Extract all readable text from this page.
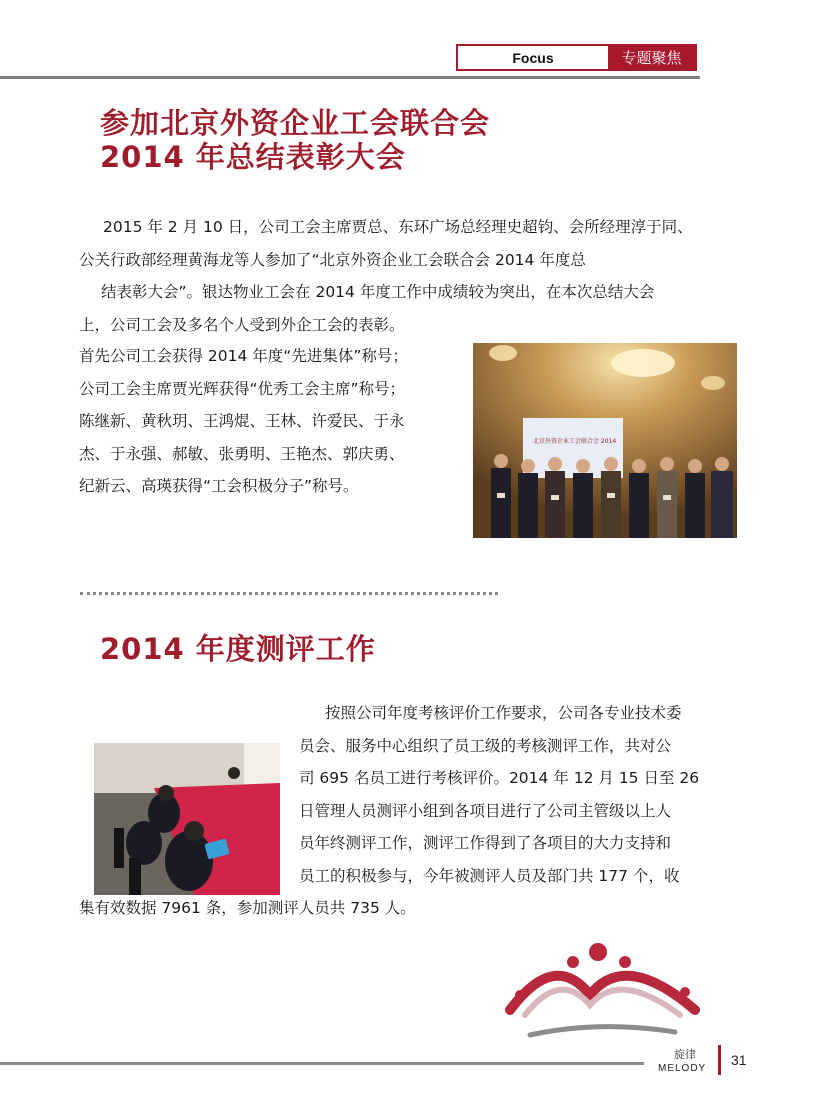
Focus	专题聚焦
参加北京外资企业工会联合会
2014 年总结表彰大会
2015 年 2 月 10 日，公司工会主席贾总、东环广场总经理史超钧、会所经理淳于同、
公关行政部经理黄海龙等人参加了“北京外资企业工会联合会 2014 年度总
结表彰大会”。银达物业工会在 2014 年度工作中成绩较为突出，在本次总结大会
上，公司工会及多名个人受到外企工会的表彰。
首先公司工会获得 2014 年度“先进集体”称号；
公司工会主席贾光辉获得“优秀工会主席”称号；
陈继新、黄秋玥、王鸿焜、王林、许爱民、于永
杰、于永强、郝敏、张勇明、王艳杰、郭庆勇、
纪新云、高瑛获得“工会积极分子”称号。
北京外资企业工会联合会 2014
2014 年度测评工作
按照公司年度考核评价工作要求，公司各专业技术委
员会、服务中心组织了员工级的考核测评工作，共对公
司 695 名员工进行考核评价。2014 年 12 月 15 日至 26
日管理人员测评小组到各项目进行了公司主管级以上人
员年终测评工作，测评工作得到了各项目的大力支持和
员工的积极参与，今年被测评人员及部门共 177 个，收
集有效数据 7961 条，参加测评人员共 735 人。
旋律
MELODY
31
